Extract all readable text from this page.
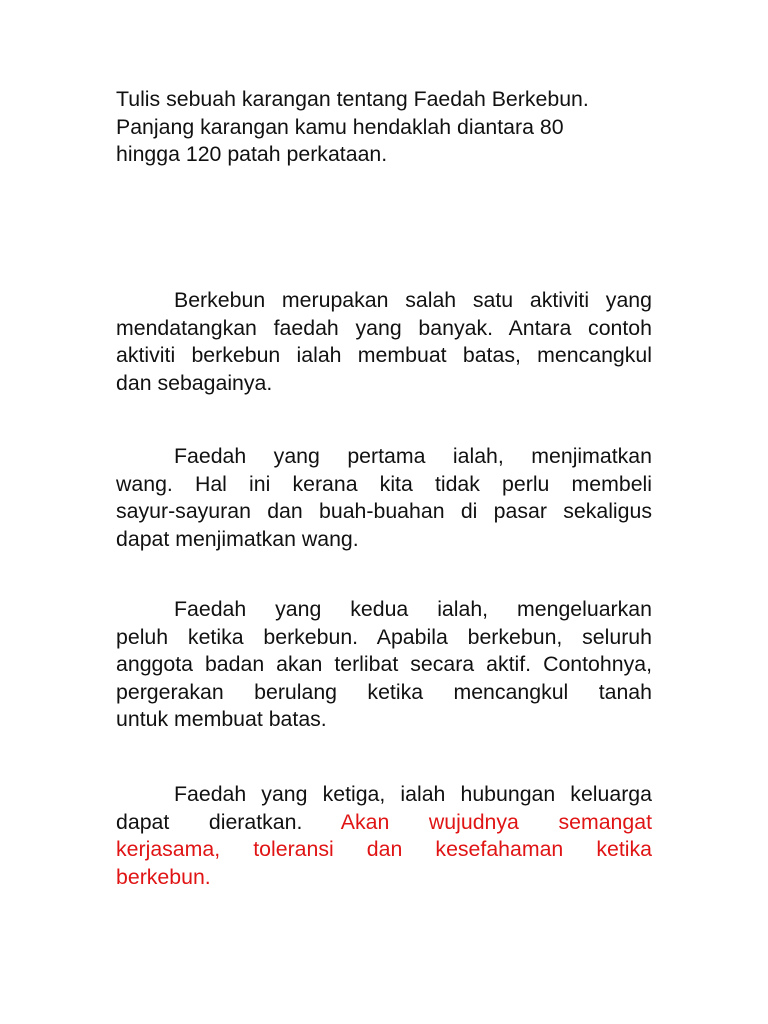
Tulis sebuah karangan tentang Faedah Berkebun.
Panjang karangan kamu hendaklah diantara 80
hingga 120 patah perkataan.
Berkebun merupakan salah satu aktiviti yang
mendatangkan faedah yang banyak. Antara contoh
aktiviti berkebun ialah membuat batas, mencangkul
dan sebagainya.
Faedah yang pertama ialah, menjimatkan
wang. Hal ini kerana kita tidak perlu membeli
sayur-sayuran dan buah-buahan di pasar sekaligus
dapat menjimatkan wang.
Faedah yang kedua ialah, mengeluarkan
peluh ketika berkebun. Apabila berkebun, seluruh
anggota badan akan terlibat secara aktif. Contohnya,
pergerakan berulang ketika mencangkul tanah
untuk membuat batas.
Faedah yang ketiga, ialah hubungan keluarga
dapat dieratkan. Akan wujudnya semangat
kerjasama, toleransi dan kesefahaman ketika
berkebun.
